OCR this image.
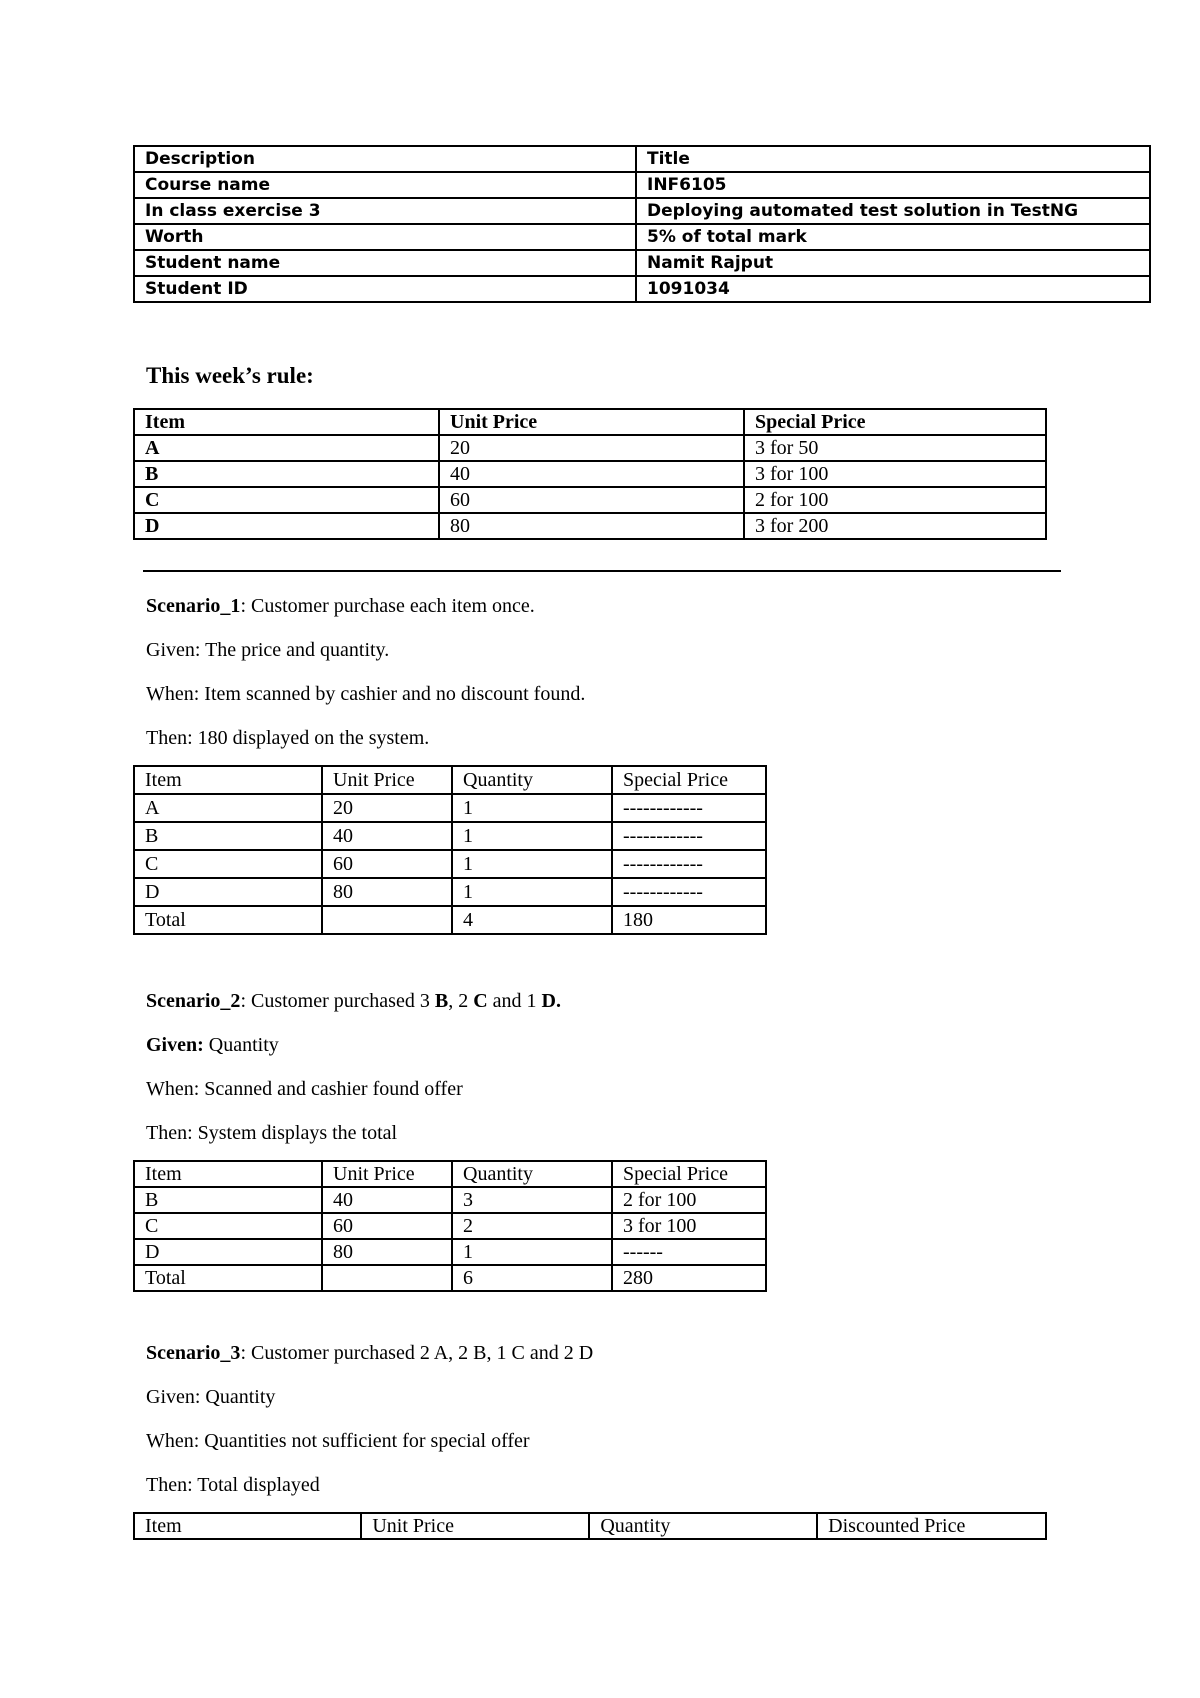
Description	Title
Course name	INF6105
In class exercise 3	Deploying automated test solution in TestNG
Worth	5% of total mark
Student name	Namit Rajput
Student ID	1091034
This week’s rule:
Item	Unit Price	Special Price
A	20	3 for 50
B	40	3 for 100
C	60	2 for 100
D	80	3 for 200
Scenario_1: Customer purchase each item once.
Given: The price and quantity.
When: Item scanned by cashier and no discount found.
Then: 180 displayed on the system.
Item	Unit Price	Quantity	Special Price
A	20	1	------------
B	40	1	------------
C	60	1	------------
D	80	1	------------
Total		4	180
Scenario_2: Customer purchased 3 B, 2 C and 1 D.
Given: Quantity
When: Scanned and cashier found offer
Then: System displays the total
Item	Unit Price	Quantity	Special Price
B	40	3	2 for 100
C	60	2	3 for 100
D	80	1	------
Total		6	280
Scenario_3: Customer purchased 2 A, 2 B, 1 C and 2 D
Given: Quantity
When: Quantities not sufficient for special offer
Then: Total displayed
Item	Unit Price	Quantity	Discounted Price
